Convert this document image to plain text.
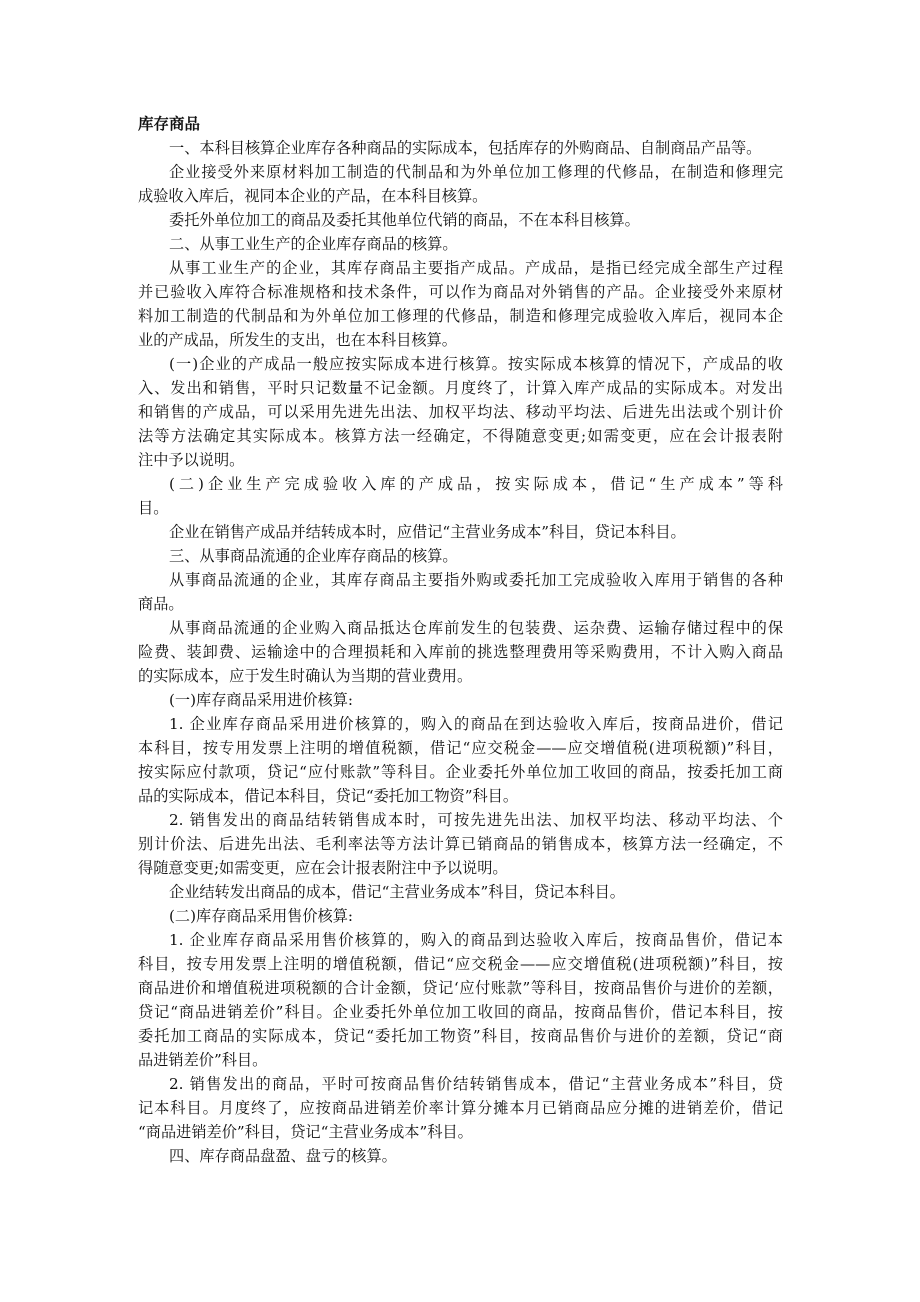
库存商品
一、本科目核算企业库存各种商品的实际成本，包括库存的外购商品、自制商品产品等。
企业接受外来原材料加工制造的代制品和为外单位加工修理的代修品，在制造和修理完
成验收入库后，视同本企业的产品，在本科目核算。
委托外单位加工的商品及委托其他单位代销的商品，不在本科目核算。
二、从事工业生产的企业库存商品的核算。
从事工业生产的企业，其库存商品主要指产成品。产成品，是指已经完成全部生产过程
并已验收入库符合标准规格和技术条件，可以作为商品对外销售的产品。企业接受外来原材
料加工制造的代制品和为外单位加工修理的代修品，制造和修理完成验收入库后，视同本企
业的产成品，所发生的支出，也在本科目核算。
(一)企业的产成品一般应按实际成本进行核算。按实际成本核算的情况下，产成品的收
入、发出和销售，平时只记数量不记金额。月度终了，计算入库产成品的实际成本。对发出
和销售的产成品，可以采用先进先出法、加权平均法、移动平均法、后进先出法或个别计价
法等方法确定其实际成本。核算方法一经确定，不得随意变更;如需变更，应在会计报表附
注中予以说明。
(二)企业生产完成验收入库的产成品，按实际成本，借记“生产成本”等科
目。
企业在销售产成品并结转成本时，应借记“主营业务成本”科目，贷记本科目。
三、从事商品流通的企业库存商品的核算。
从事商品流通的企业，其库存商品主要指外购或委托加工完成验收入库用于销售的各种
商品。
从事商品流通的企业购入商品抵达仓库前发生的包装费、运杂费、运输存储过程中的保
险费、装卸费、运输途中的合理损耗和入库前的挑选整理费用等采购费用，不计入购入商品
的实际成本，应于发生时确认为当期的营业费用。
(一)库存商品采用进价核算:
1. 企业库存商品采用进价核算的，购入的商品在到达验收入库后，按商品进价，借记
本科目，按专用发票上注明的增值税额，借记“应交税金——应交增值税(进项税额)”科目，
按实际应付款项，贷记“应付账款”等科目。企业委托外单位加工收回的商品，按委托加工商
品的实际成本，借记本科目，贷记“委托加工物资”科目。
2. 销售发出的商品结转销售成本时，可按先进先出法、加权平均法、移动平均法、个
别计价法、后进先出法、毛利率法等方法计算已销商品的销售成本，核算方法一经确定，不
得随意变更;如需变更，应在会计报表附注中予以说明。
企业结转发出商品的成本，借记“主营业务成本”科目，贷记本科目。
(二)库存商品采用售价核算:
1. 企业库存商品采用售价核算的，购入的商品到达验收入库后，按商品售价，借记本
科目，按专用发票上注明的增值税额，借记“应交税金——应交增值税(进项税额)”科目，按
商品进价和增值税进项税额的合计金额，贷记‘应付账款”等科目，按商品售价与进价的差额，
贷记“商品进销差价”科目。企业委托外单位加工收回的商品，按商品售价，借记本科目，按
委托加工商品的实际成本，贷记“委托加工物资”科目，按商品售价与进价的差额，贷记“商
品进销差价”科目。
2. 销售发出的商品，平时可按商品售价结转销售成本，借记“主营业务成本”科目，贷
记本科目。月度终了，应按商品进销差价率计算分摊本月已销商品应分摊的进销差价，借记
“商品进销差价”科目，贷记“主营业务成本”科目。
四、库存商品盘盈、盘亏的核算。
